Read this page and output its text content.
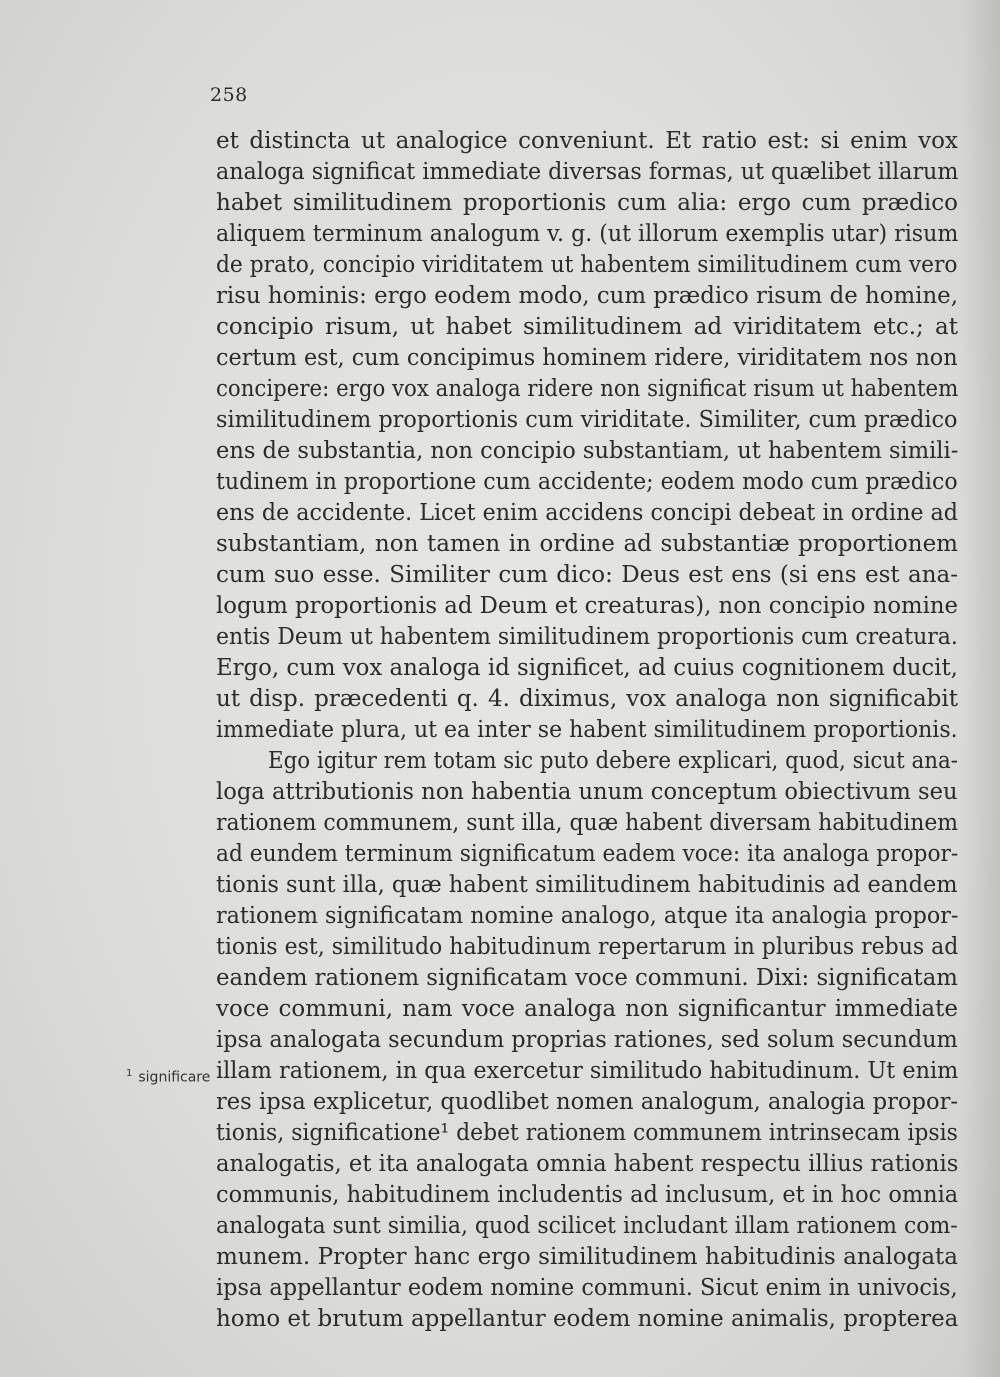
258
$^1$ significare
et distincta ut analogice conveniunt. Et ratio est: si enim vox
analoga significat immediate diversas formas, ut quælibet illarum
habet similitudinem proportionis cum alia: ergo cum prædico
aliquem terminum analogum v. g. (ut illorum exemplis utar) risum
de prato, concipio viriditatem ut habentem similitudinem cum vero
risu hominis: ergo eodem modo, cum prædico risum de homine,
concipio risum, ut habet similitudinem ad viriditatem etc.; at
certum est, cum concipimus hominem ridere, viriditatem nos non
concipere: ergo vox analoga ridere non significat risum ut habentem
similitudinem proportionis cum viriditate. Similiter, cum prædico
ens de substantia, non concipio substantiam, ut habentem simili-
tudinem in proportione cum accidente; eodem modo cum prædico
ens de accidente. Licet enim accidens concipi debeat in ordine ad
substantiam, non tamen in ordine ad substantiæ proportionem
cum suo esse. Similiter cum dico: Deus est ens (si ens est ana-
logum proportionis ad Deum et creaturas), non concipio nomine
entis Deum ut habentem similitudinem proportionis cum creatura.
Ergo, cum vox analoga id significet, ad cuius cognitionem ducit,
ut disp. præcedenti q. 4. diximus, vox analoga non significabit
immediate plura, ut ea inter se habent similitudinem proportionis.
Ego igitur rem totam sic puto debere explicari, quod, sicut ana-
loga attributionis non habentia unum conceptum obiectivum seu
rationem communem, sunt illa, quæ habent diversam habitudinem
ad eundem terminum significatum eadem voce: ita analoga propor-
tionis sunt illa, quæ habent similitudinem habitudinis ad eandem
rationem significatam nomine analogo, atque ita analogia propor-
tionis est, similitudo habitudinum repertarum in pluribus rebus ad
eandem rationem significatam voce communi. Dixi: significatam
voce communi, nam voce analoga non significantur immediate
ipsa analogata secundum proprias rationes, sed solum secundum
illam rationem, in qua exercetur similitudo habitudinum. Ut enim
res ipsa explicetur, quodlibet nomen analogum, analogia propor-
tionis, significatione¹ debet rationem communem intrinsecam ipsis
analogatis, et ita analogata omnia habent respectu illius rationis
communis, habitudinem includentis ad inclusum, et in hoc omnia
analogata sunt similia, quod scilicet includant illam rationem com-
munem. Propter hanc ergo similitudinem habitudinis analogata
ipsa appellantur eodem nomine communi. Sicut enim in univocis,
homo et brutum appellantur eodem nomine animalis, propterea
